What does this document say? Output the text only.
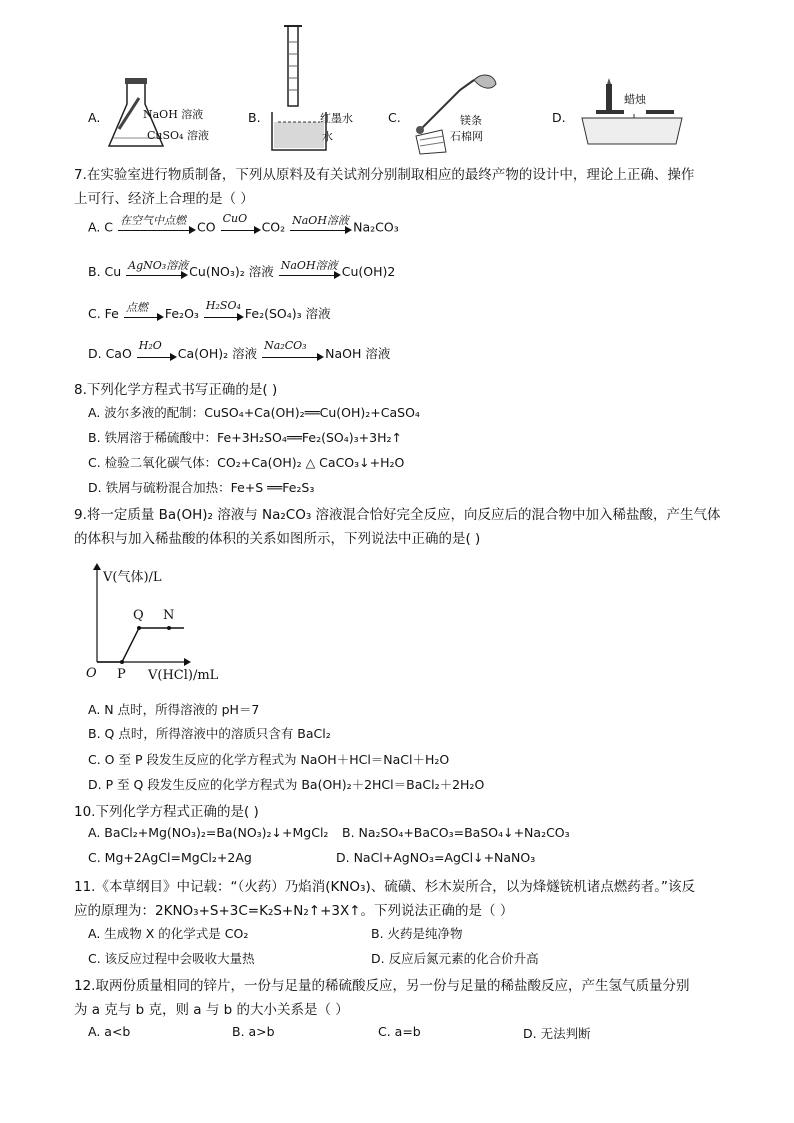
A.	NaOH 溶液
CuSO₄ 溶液
B.	红墨水
水
C.	镁条
石棉网
D.
蜡烛
7.在实验室进行物质制备，下列从原料及有关试剂分别制取相应的最终产物的设计中，理论上正确、操作
上可行、经济上合理的是（ ）
A. C 在空气中点燃 CO
CuO
CO₂ NaOH溶液 Na₂CO₃
B. Cu AgNO₃溶液 Cu(NO₃)₂ 溶液 NaOH溶液 Cu(OH)2
C. Fe 点燃 Fe₂O₃
H₂SO₄
Fe₂(SO₄)₃ 溶液
D. CaO
H₂O
Ca(OH)₂ 溶液
Na₂CO₃
NaOH 溶液
8.下列化学方程式书写正确的是( )
A. 波尔多液的配制：CuSO₄+Ca(OH)₂══Cu(OH)₂+CaSO₄
B. 铁屑溶于稀硫酸中：Fe+3H₂SO₄══Fe₂(SO₄)₃+3H₂↑
C. 检验二氧化碳气体：CO₂+Ca(OH)₂ △ CaCO₃↓+H₂O
D. 铁屑与硫粉混合加热：Fe+S ══Fe₂S₃
9.将一定质量 Ba(OH)₂ 溶液与 Na₂CO₃ 溶液混合恰好完全反应，向反应后的混合物中加入稀盐酸，产生气体
的体积与加入稀盐酸的体积的关系如图所示，下列说法中正确的是( )
V(气体)/L
V(HCl)/mL
O P
Q N
A. N 点时，所得溶液的 pH＝7
B. Q 点时，所得溶液中的溶质只含有 BaCl₂
C. O 至 P 段发生反应的化学方程式为 NaOH＋HCl＝NaCl＋H₂O
D. P 至 Q 段发生反应的化学方程式为 Ba(OH)₂＋2HCl＝BaCl₂＋2H₂O
10.下列化学方程式正确的是( )
A. BaCl₂+Mg(NO₃)₂=Ba(NO₃)₂↓+MgCl₂ B. Na₂SO₄+BaCO₃=BaSO₄↓+Na₂CO₃
C. Mg+2AgCl=MgCl₂+2Ag	D. NaCl+AgNO₃=AgCl↓+NaNO₃
11.《本草纲目》中记载：“（火药）乃焰消(KNO₃)、硫磺、杉木炭所合，以为烽燧铳机诸点燃药者。”该反
应的原理为：2KNO₃+S+3C=K₂S+N₂↑+3X↑。下列说法正确的是（ ）
A. 生成物 X 的化学式是 CO₂	B. 火药是纯净物
C. 该反应过程中会吸收大量热	D. 反应后氮元素的化合价升高
12.取两份质量相同的锌片，一份与足量的稀硫酸反应，另一份与足量的稀盐酸反应，产生氢气质量分别
为 a 克与 b 克，则 a 与 b 的大小关系是（ ）
A. a<b	B. a>b	C. a=b	D. 无法判断
